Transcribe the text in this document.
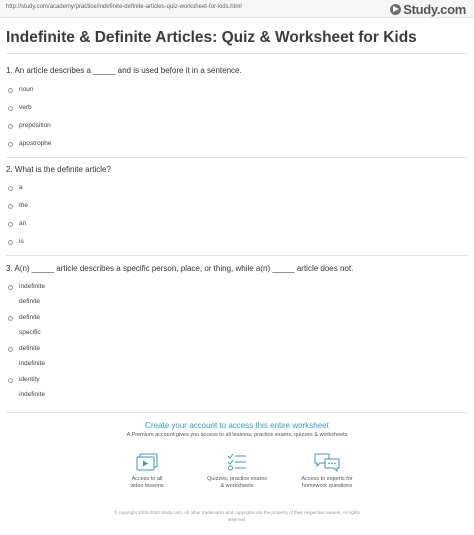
http://study.com/academy/practice/indefinite-definite-articles-quiz-worksheet-for-kids.html	Study.com
Indefinite & Definite Articles: Quiz & Worksheet for Kids
1. An article describes a _____ and is used before it in a sentence.
noun
verb
preposition
apostrophe
2. What is the definite article?
a
the
an
is
3. A(n) _____ article describes a specific person, place, or thing, while a(n) _____ article does not.
indefinite
definite
definite
specific
definite
indefinite
identity
indefinite
Create your account to access this entire worksheet
A Premium account gives you access to all lessons, practice exams, quizzes & worksheets
Access to all
video lessons
Quizzes, practice exams
& worksheets
Access to experts for
homework questions
© copyright 2003-2020 Study.com. All other trademarks and copyrights are the property of their respective owners. All rights
reserved.
